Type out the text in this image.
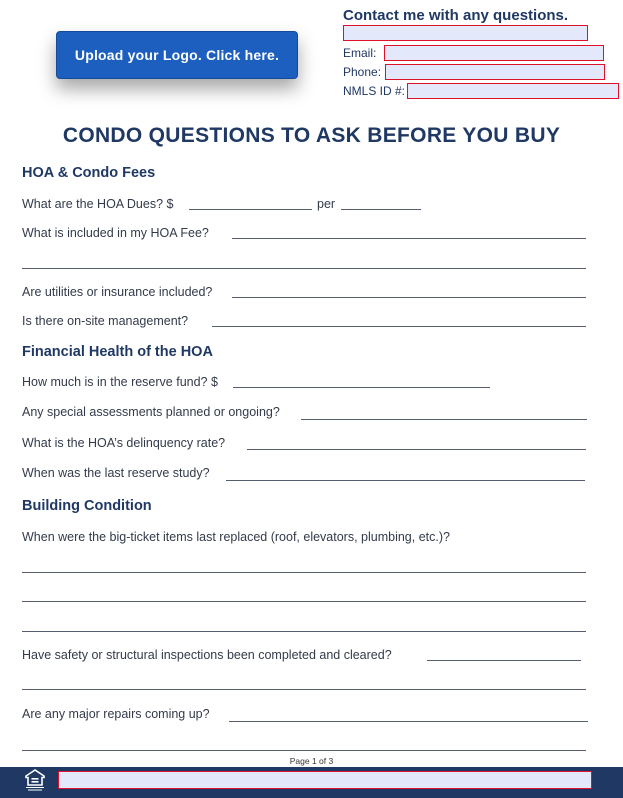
Upload your Logo. Click here.
Contact me with any questions.
Email:
Phone:
NMLS ID #:
CONDO QUESTIONS TO ASK BEFORE YOU BUY
HOA & Condo Fees
What are the HOA Dues? $	per
What is included in my HOA Fee?
Are utilities or insurance included?
Is there on-site management?
Financial Health of the HOA
How much is in the reserve fund? $
Any special assessments planned or ongoing?
What is the HOA’s delinquency rate?
When was the last reserve study?
Building Condition
When were the big-ticket items last replaced (roof, elevators, plumbing, etc.)?
Have safety or structural inspections been completed and cleared?
Are any major repairs coming up?
Page 1 of 3
